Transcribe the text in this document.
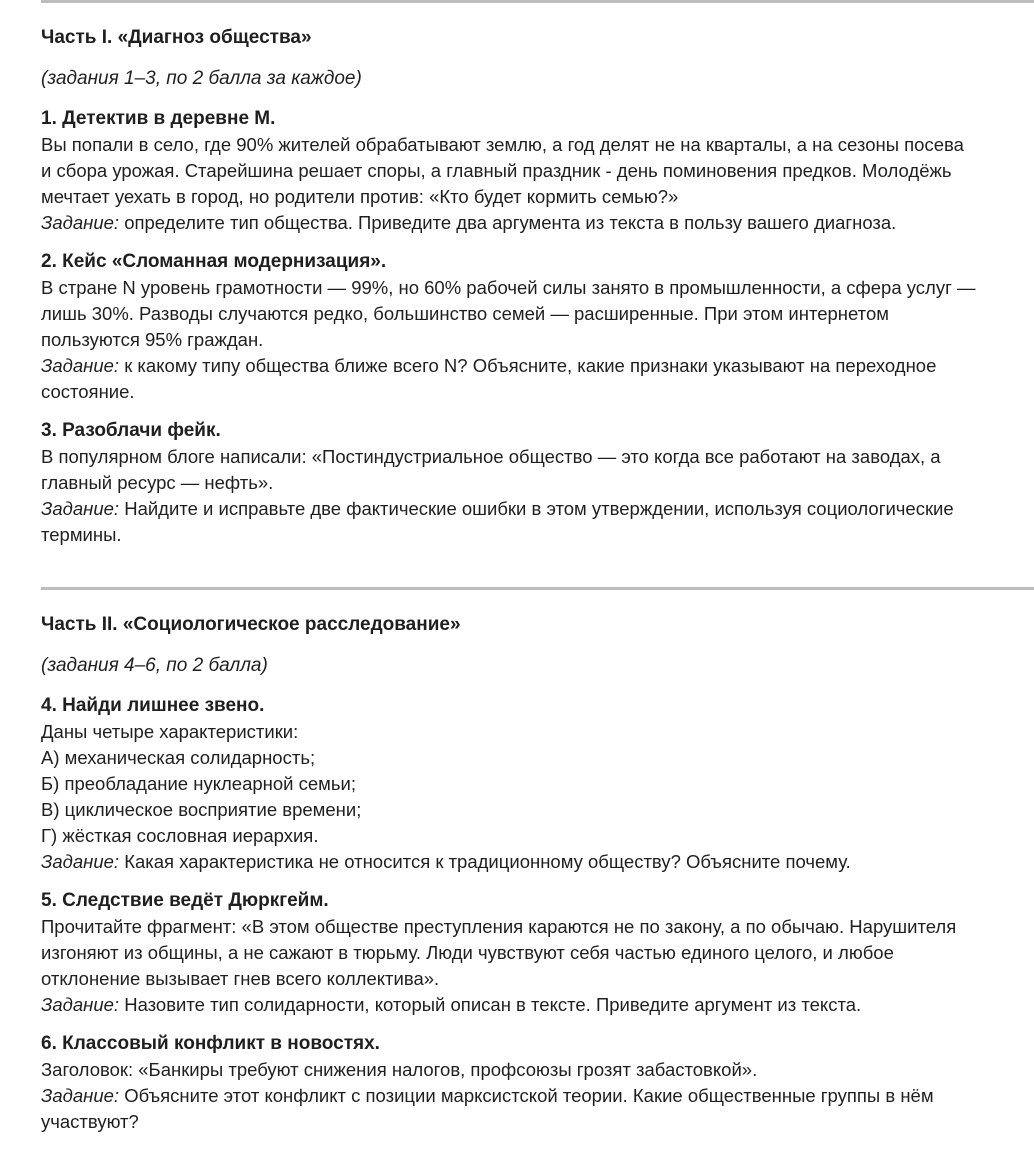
Часть I. «Диагноз общества»
(задания 1–3, по 2 балла за каждое)
1. Детектив в деревне М.
Вы попали в село, где 90% жителей обрабатывают землю, а год делят не на кварталы, а на сезоны посева
и сбора урожая. Старейшина решает споры, а главный праздник - день поминовения предков. Молодёжь
мечтает уехать в город, но родители против: «Кто будет кормить семью?»
Задание: определите тип общества. Приведите два аргумента из текста в пользу вашего диагноза.
2. Кейс «Сломанная модернизация».
В стране N уровень грамотности — 99%, но 60% рабочей силы занято в промышленности, а сфера услуг —
лишь 30%. Разводы случаются редко, большинство семей — расширенные. При этом интернетом
пользуются 95% граждан.
Задание: к какому типу общества ближе всего N? Объясните, какие признаки указывают на переходное
состояние.
3. Разоблачи фейк.
В популярном блоге написали: «Постиндустриальное общество — это когда все работают на заводах, а
главный ресурс — нефть».
Задание: Найдите и исправьте две фактические ошибки в этом утверждении, используя социологические
термины.
Часть II. «Социологическое расследование»
(задания 4–6, по 2 балла)
4. Найди лишнее звено.
Даны четыре характеристики:
А) механическая солидарность;
Б) преобладание нуклеарной семьи;
В) циклическое восприятие времени;
Г) жёсткая сословная иерархия.
Задание: Какая характеристика не относится к традиционному обществу? Объясните почему.
5. Следствие ведёт Дюркгейм.
Прочитайте фрагмент: «В этом обществе преступления караются не по закону, а по обычаю. Нарушителя
изгоняют из общины, а не сажают в тюрьму. Люди чувствуют себя частью единого целого, и любое
отклонение вызывает гнев всего коллектива».
Задание: Назовите тип солидарности, который описан в тексте. Приведите аргумент из текста.
6. Классовый конфликт в новостях.
Заголовок: «Банкиры требуют снижения налогов, профсоюзы грозят забастовкой».
Задание: Объясните этот конфликт с позиции марксистской теории. Какие общественные группы в нём
участвуют?
